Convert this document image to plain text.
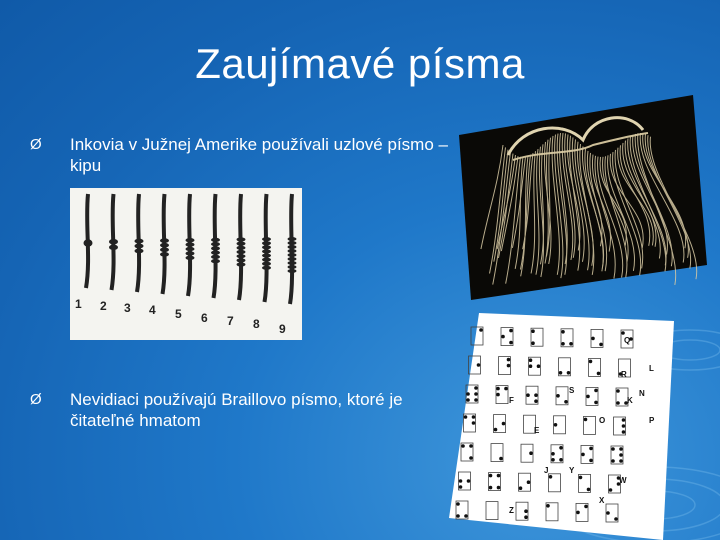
Zaujímavé písma
Ø Inkovia v Južnej Amerike používali uzlové písmo – kipu
Ø Nevidiaci používajú Braillovo písmo, ktoré je čitateľné hmatom
1 2 3 4 5 6 7 8 9
L
Q
S
R
P
N
K
W
O
Z
E
Y
F
J
X
